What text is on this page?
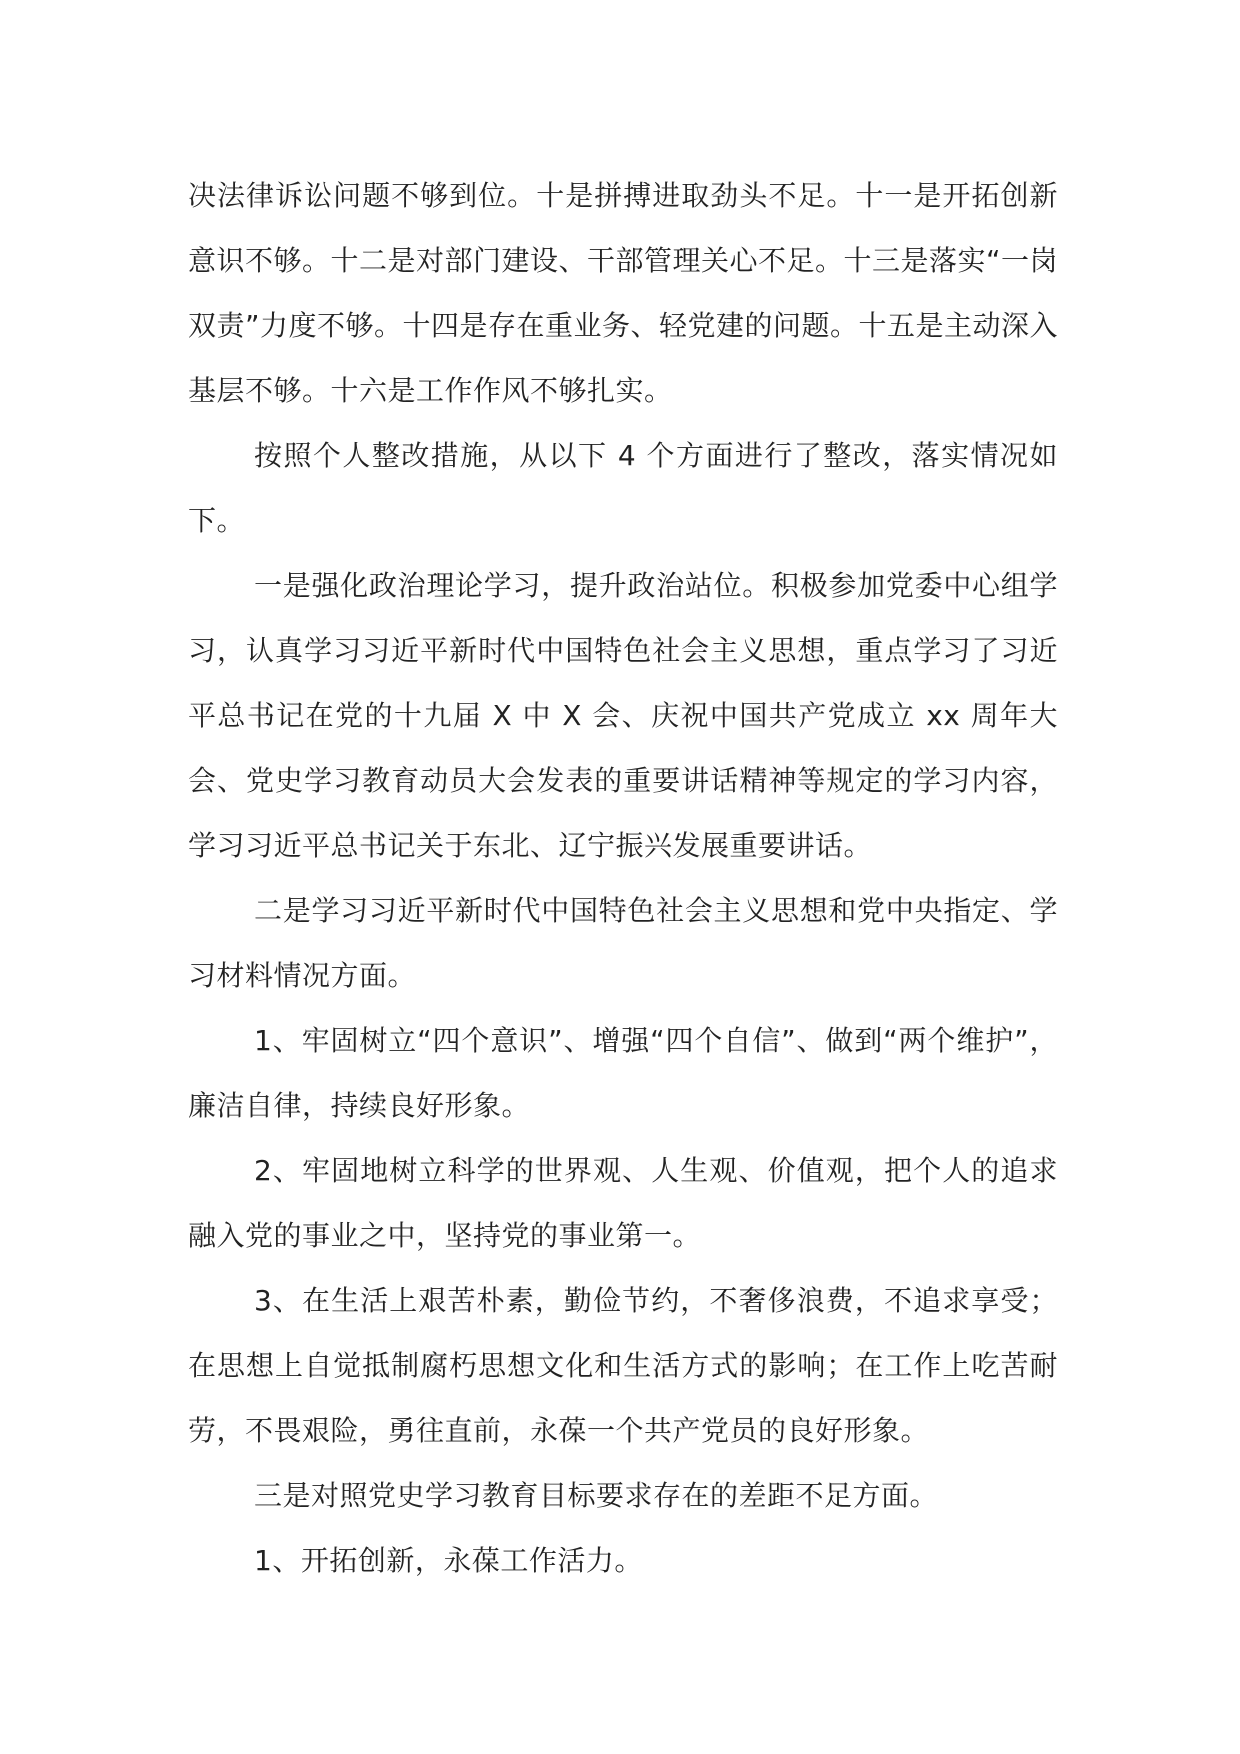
决法律诉讼问题不够到位。十是拼搏进取劲头不足。十一是开拓创新意识不够。十二是对部门建设、干部管理关心不足。十三是落实“一岗双责”力度不够。十四是存在重业务、轻党建的问题。十五是主动深入基层不够。十六是工作作风不够扎实。

按照个人整改措施，从以下 4 个方面进行了整改，落实情况如下。

一是强化政治理论学习，提升政治站位。积极参加党委中心组学习，认真学习习近平新时代中国特色社会主义思想，重点学习了习近平总书记在党的十九届 X 中 X 会、庆祝中国共产党成立 xx 周年大会、党史学习教育动员大会发表的重要讲话精神等规定的学习内容，学习习近平总书记关于东北、辽宁振兴发展重要讲话。

二是学习习近平新时代中国特色社会主义思想和党中央指定、学习材料情况方面。

1、牢固树立“四个意识”、增强“四个自信”、做到“两个维护”，廉洁自律，持续良好形象。

2、牢固地树立科学的世界观、人生观、价值观，把个人的追求融入党的事业之中，坚持党的事业第一。

3、在生活上艰苦朴素，勤俭节约，不奢侈浪费，不追求享受；在思想上自觉抵制腐朽思想文化和生活方式的影响；在工作上吃苦耐劳，不畏艰险，勇往直前，永葆一个共产党员的良好形象。

三是对照党史学习教育目标要求存在的差距不足方面。

1、开拓创新，永葆工作活力。
